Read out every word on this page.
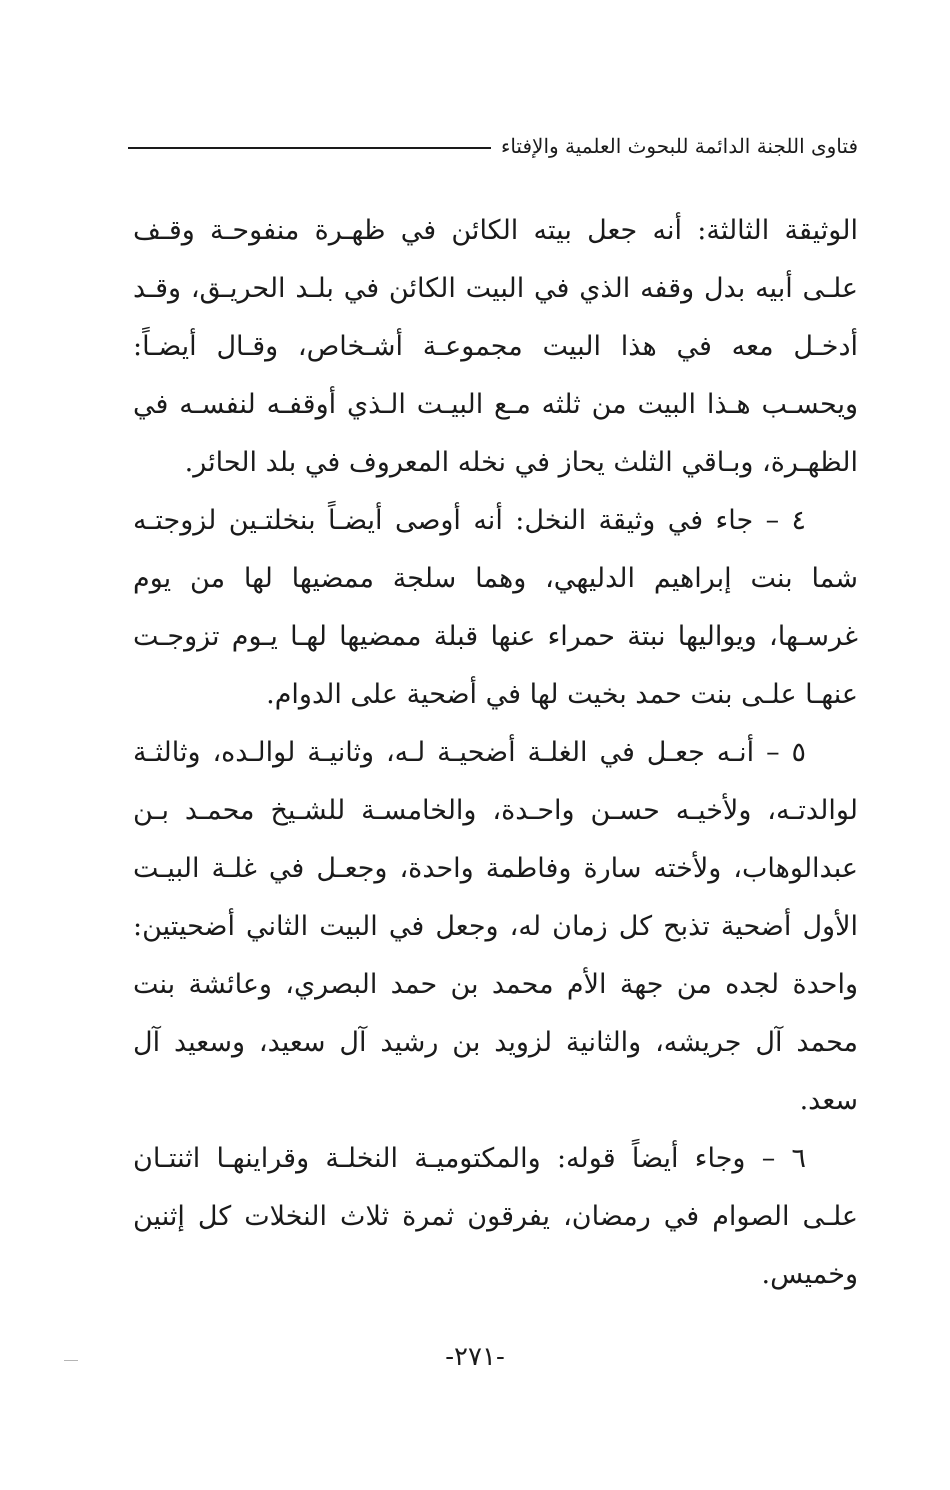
فتاوى اللجنة الدائمة للبحوث العلمية والإفتاء

الوثيقة الثالثة: أنه جعل بيته الكائن في ظهـرة منفوحـة وقـف علـى أبيه بدل وقفه الذي في البيت الكائن في بلـد الحريـق، وقـد أدخـل معه في هذا البيت مجموعـة أشـخاص، وقـال أيضـاً: ويحسـب هـذا البيت من ثلثه مـع البيـت الـذي أوقفـه لنفسـه في الظهـرة، وبـاقي الثلث يحاز في نخله المعروف في بلد الحائر.

٤ – جاء في وثيقة النخل: أنه أوصى أيضـاً بنخلتـين لزوجتـه شما بنت إبراهيم الدليهي، وهما سلجة ممضيها لها من يوم غرسـها، ويواليها نبتة حمراء عنها قبلة ممضيها لهـا يـوم تزوجـت عنهـا علـى بنت حمد بخيت لها في أضحية على الدوام.

٥ – أنـه جعـل في الغلـة أضحيـة لـه، وثانيـة لوالـده، وثالثـة لوالدتـه، ولأخيـه حسـن واحـدة، والخامسـة للشـيخ محمـد بـن عبدالوهاب، ولأخته سارة وفاطمة واحدة، وجعـل في غلـة البيـت الأول أضحية تذبح كل زمان له، وجعل في البيت الثاني أضحيتين: واحدة لجده من جهة الأم محمد بن حمد البصري، وعائشة بنت محمد آل جريشه، والثانية لزويد بن رشيد آل سعيد، وسعيد آل سعد.

٦ – وجاء أيضاً قوله: والمكتوميـة النخلـة وقراينهـا اثنتـان علـى الصوام في رمضان، يفرقون ثمرة ثلاث النخلات كل إثنين وخميس.

-٢٧١-
